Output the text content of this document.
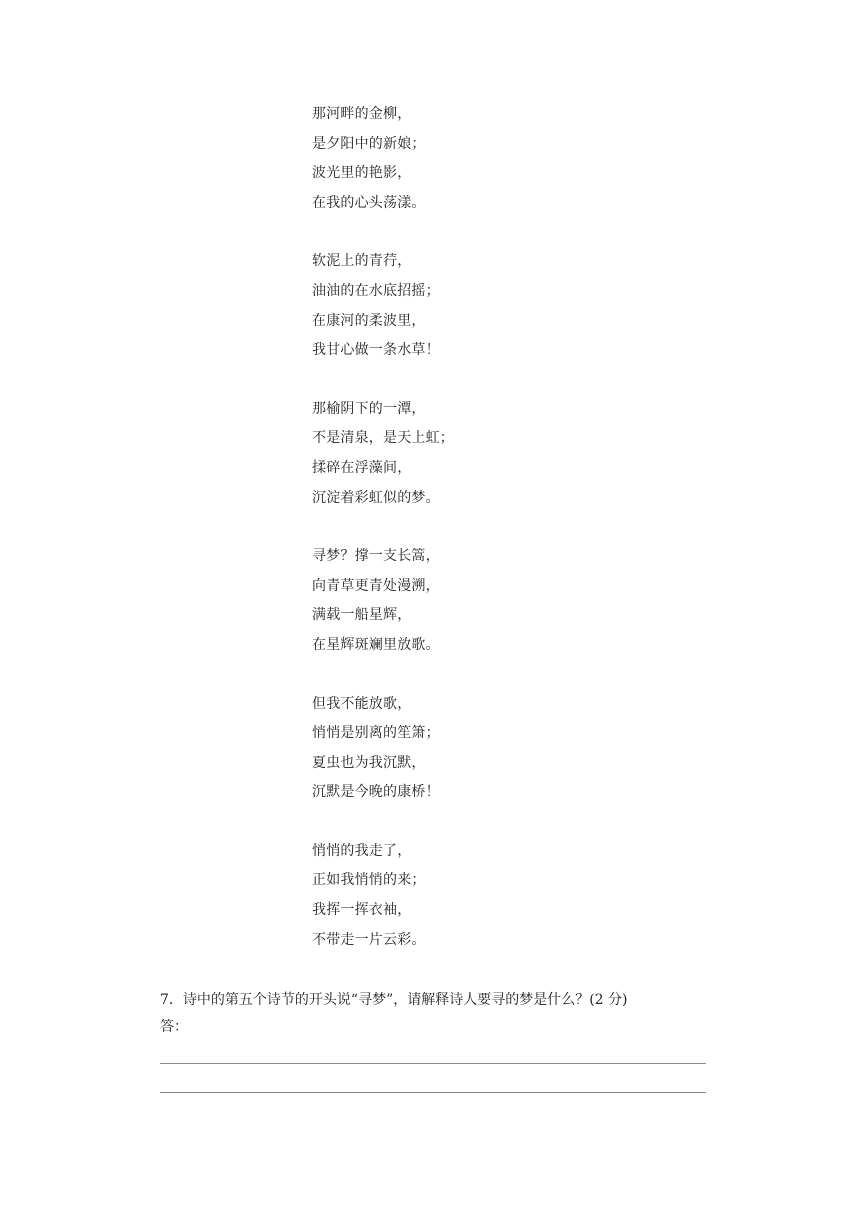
那河畔的金柳，
是夕阳中的新娘；
波光里的艳影，
在我的心头荡漾。
软泥上的青荇，
油油的在水底招摇；
在康河的柔波里，
我甘心做一条水草！
那榆阴下的一潭，
不是清泉，是天上虹；
揉碎在浮藻间，
沉淀着彩虹似的梦。
寻梦？撑一支长篙，
向青草更青处漫溯，
满载一船星辉，
在星辉斑斓里放歌。
但我不能放歌，
悄悄是别离的笙箫；
夏虫也为我沉默，
沉默是今晚的康桥！
悄悄的我走了，
正如我悄悄的来；
我挥一挥衣袖，
不带走一片云彩。
7．诗中的第五个诗节的开头说“寻梦”，请解释诗人要寻的梦是什么？(2 分)
答：
